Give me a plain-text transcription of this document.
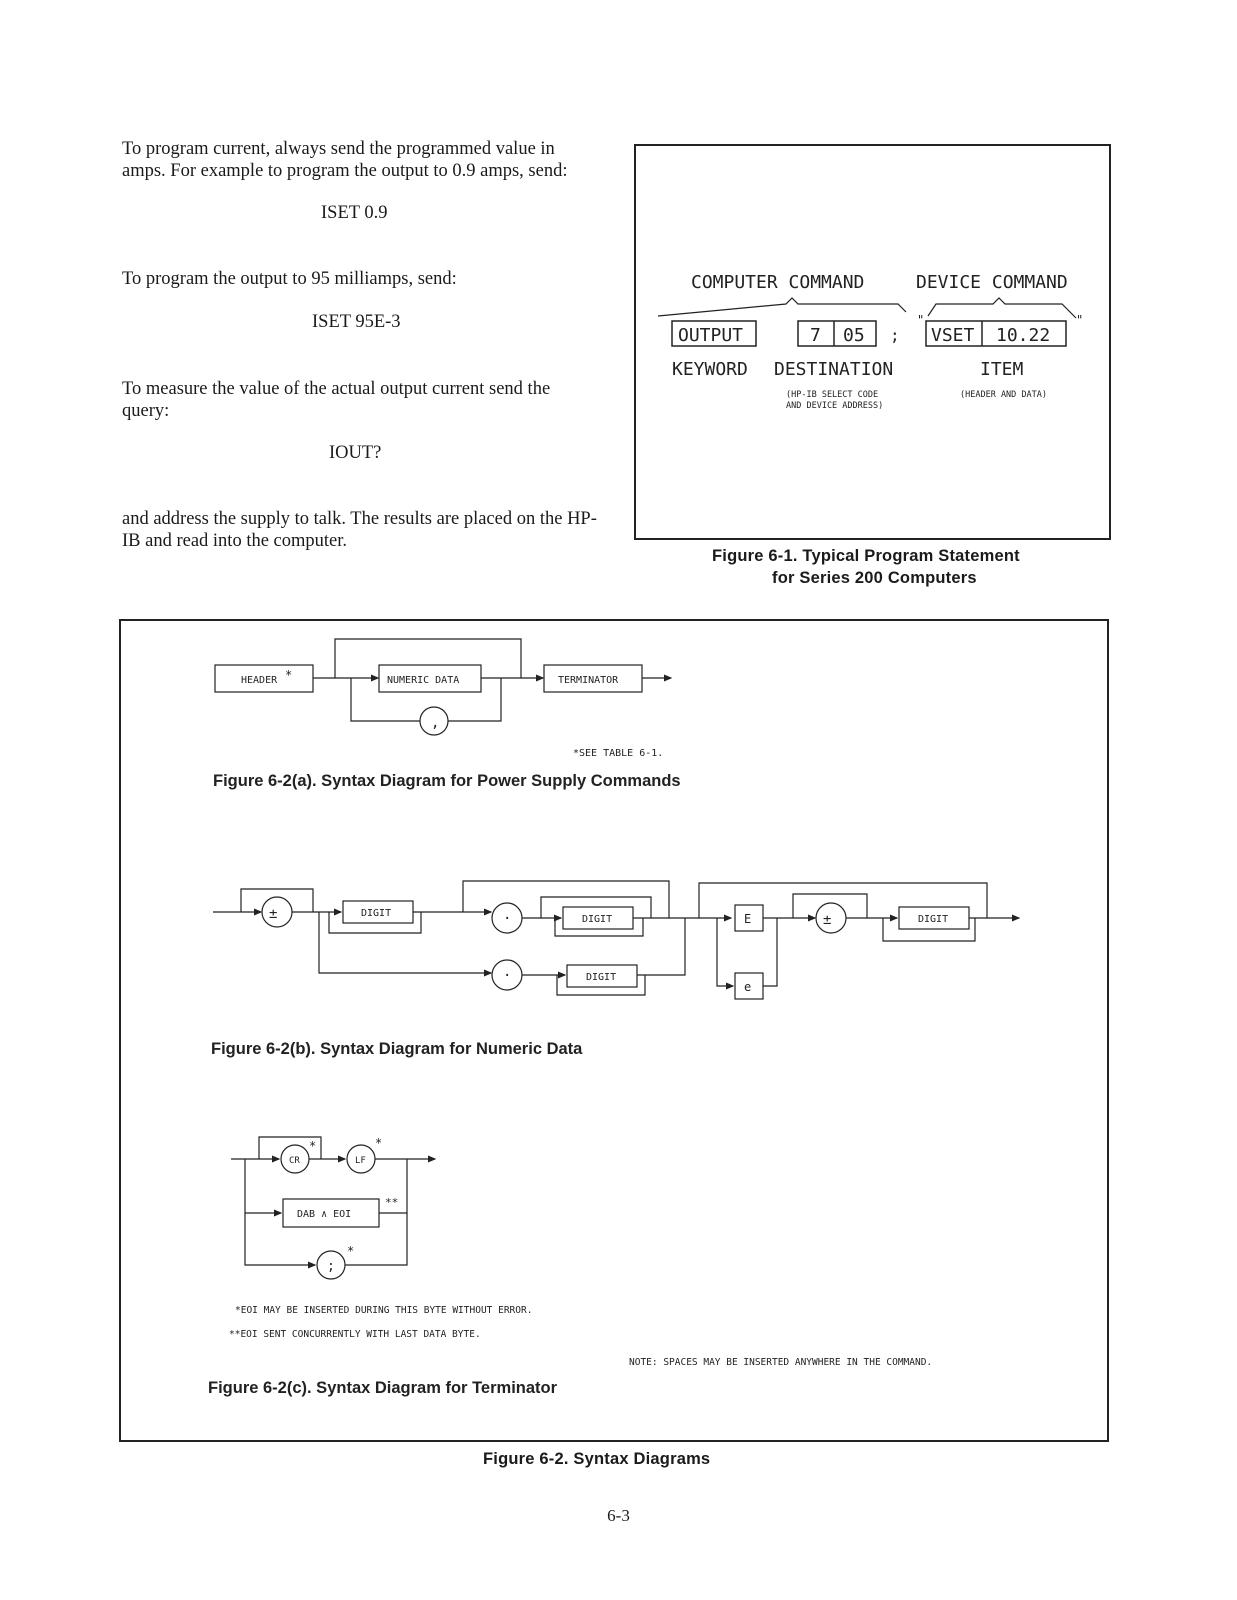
To program current, always send the programmed value in amps. For example to program the output to 0.9 amps, send:
ISET 0.9
To program the output to 95 milliamps, send:
ISET 95E-3
To measure the value of the actual output current send the query:
IOUT?
and address the supply to talk. The results are placed on the HP-IB and read into the computer.
COMPUTER COMMAND	DEVICE COMMAND
OUTPUT	7 05 ;
"
VSET 10.22
"
KEYWORD DESTINATION
(HP-IB SELECT CODE
AND DEVICE ADDRESS)
ITEM
(HEADER AND DATA)
Figure 6-1. Typical Program Statement
for Series 200 Computers
HEADER *	NUMERIC DATA	TERMINATOR
,
*SEE TABLE 6-1.
Figure 6-2(a). Syntax Diagram for Power Supply Commands
±	DIGIT	·	DIGIT
·	DIGIT
E
e
±	DIGIT
Figure 6-2(b). Syntax Diagram for Numeric Data
CR	LF
*	*
DAB ∧ EOI
**
;
*
*EOI MAY BE INSERTED DURING THIS BYTE WITHOUT ERROR.
**EOI SENT CONCURRENTLY WITH LAST DATA BYTE.
NOTE: SPACES MAY BE INSERTED ANYWHERE IN THE COMMAND.
Figure 6-2(c). Syntax Diagram for Terminator
Figure 6-2. Syntax Diagrams
6-3
